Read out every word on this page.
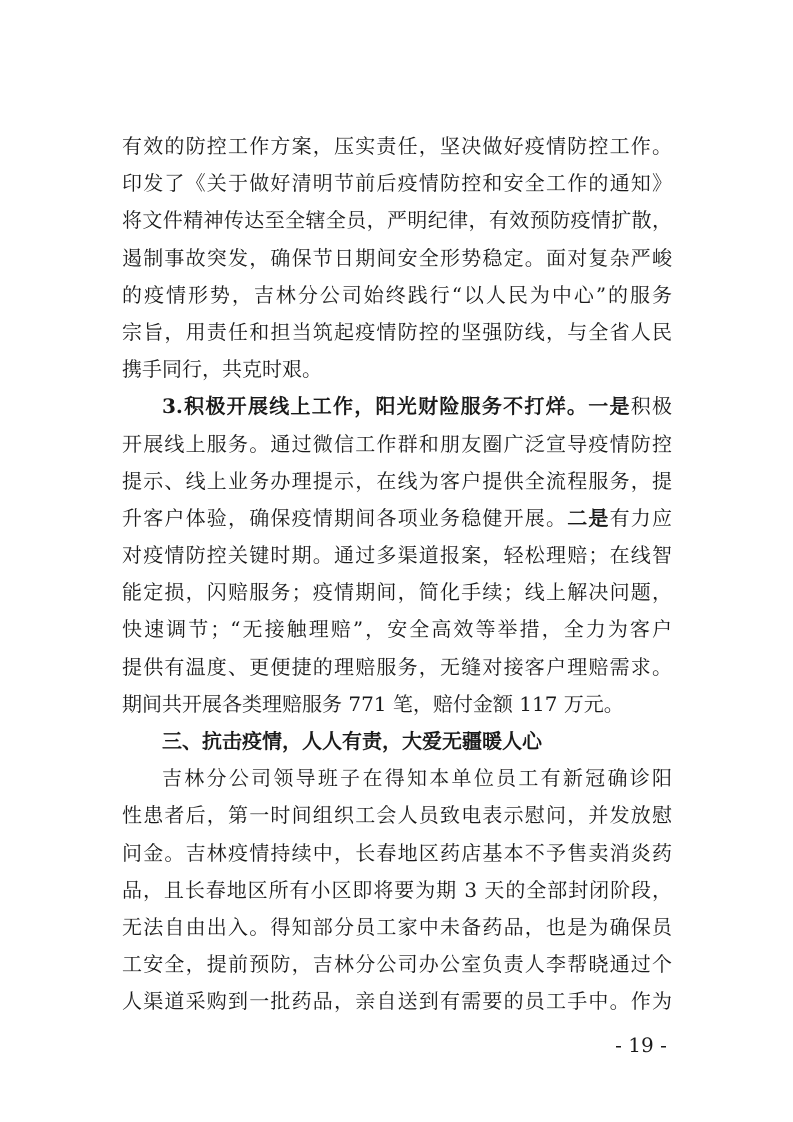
有效的防控工作方案，压实责任，坚决做好疫情防控工作。
印发了《关于做好清明节前后疫情防控和安全工作的通知》
将文件精神传达至全辖全员，严明纪律，有效预防疫情扩散，
遏制事故突发，确保节日期间安全形势稳定。面对复杂严峻
的疫情形势，吉林分公司始终践行“以人民为中心”的服务
宗旨，用责任和担当筑起疫情防控的坚强防线，与全省人民
携手同行，共克时艰。
3.积极开展线上工作，阳光财险服务不打烊。一是积极
开展线上服务。通过微信工作群和朋友圈广泛宣导疫情防控
提示、线上业务办理提示，在线为客户提供全流程服务，提
升客户体验，确保疫情期间各项业务稳健开展。二是有力应
对疫情防控关键时期。通过多渠道报案，轻松理赔；在线智
能定损，闪赔服务；疫情期间，简化手续；线上解决问题，
快速调节；“无接触理赔”，安全高效等举措，全力为客户
提供有温度、更便捷的理赔服务，无缝对接客户理赔需求。
期间共开展各类理赔服务 771 笔，赔付金额 117 万元。
三、抗击疫情，人人有责，大爱无疆暖人心
吉林分公司领导班子在得知本单位员工有新冠确诊阳
性患者后，第一时间组织工会人员致电表示慰问，并发放慰
问金。吉林疫情持续中，长春地区药店基本不予售卖消炎药
品，且长春地区所有小区即将要为期 3 天的全部封闭阶段，
无法自由出入。得知部分员工家中未备药品，也是为确保员
工安全，提前预防，吉林分公司办公室负责人李帮晓通过个
人渠道采购到一批药品，亲自送到有需要的员工手中。作为
- 19 -
